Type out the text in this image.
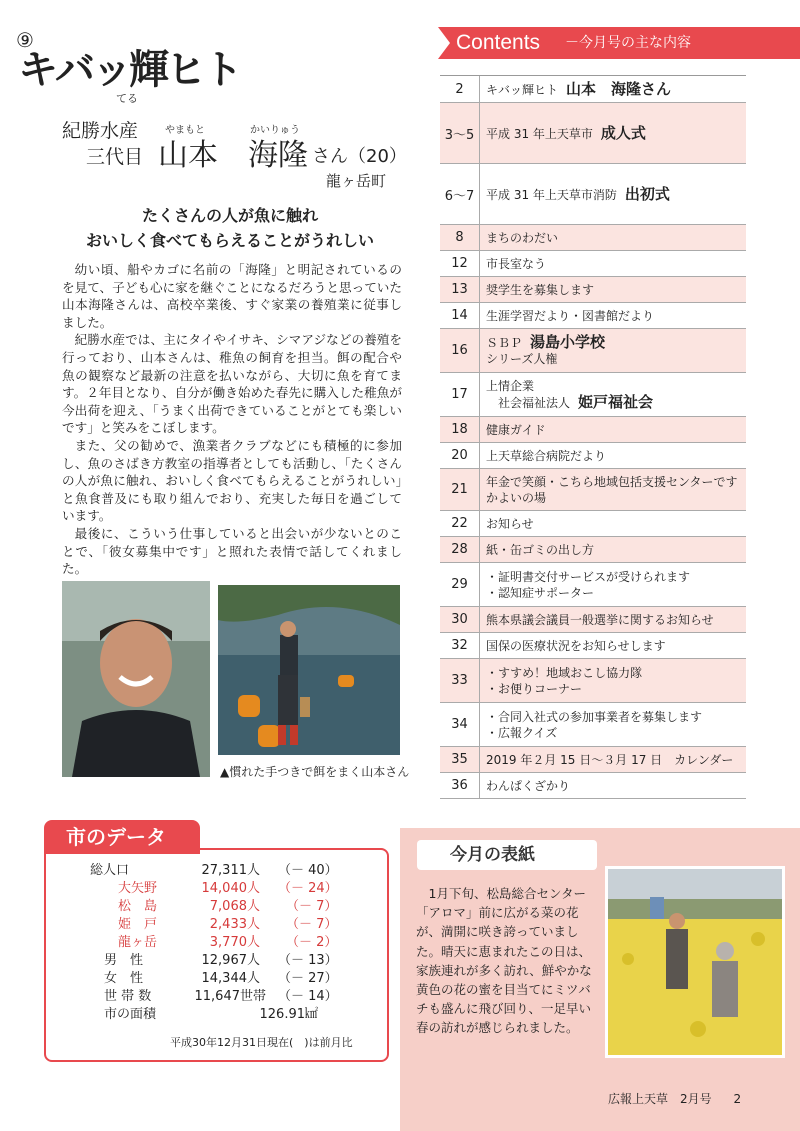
⑨
キバッ輝ヒト
てる
紀勝水産
三代目
やまもと
山本
かいりゅう
海隆 さん（20）
龍ヶ岳町
たくさんの人が魚に触れ
おいしく食べてもらえることがうれしい

幼い頃、船やカゴに名前の「海隆」と明記されているのを見て、子ども心に家を継ぐことになるだろうと思っていた山本海隆さんは、高校卒業後、すぐ家業の養殖業に従事しました。

紀勝水産では、主にタイやイサキ、シマアジなどの養殖を行っており、山本さんは、稚魚の飼育を担当。餌の配合や魚の観察など最新の注意を払いながら、大切に魚を育てます。２年目となり、自分が働き始めた春先に購入した稚魚が今出荷を迎え、「うまく出荷できていることがとても楽しいです」と笑みをこぼします。

また、父の勧めで、漁業者クラブなどにも積極的に参加し、魚のさばき方教室の指導者としても活動し、「たくさんの人が魚に触れ、おいしく食べてもらえることがうれしい」と魚食普及にも取り組んでおり、充実した毎日を過ごしています。

最後に、こういう仕事していると出会いが少ないとのことで、「彼女募集中です」と照れた表情で話してくれました。

▲慣れた手つきで餌をまく山本さん
Contents －今月号の主な内容
2	キバッ輝ヒト 山本　海隆さん
3～5 平成 31 年上天草市 成人式
6～7 平成 31 年上天草市消防 出初式
8	まちのわだい
12	市長室なう
13	奨学生を募集します
14	生涯学習だより・図書館だより
16	ＳＢＰ 湯島小学校
シリーズ人権
17
上情企業
社会福祉法人 姫戸福祉会
18	健康ガイド
20	上天草総合病院だより
21
年金で笑顔・こちら地域包括支援センターです
かよいの場
22	お知らせ
28	紙・缶ゴミの出し方
29
・証明書交付サービスが受けられます
・認知症サポーター
30	熊本県議会議員一般選挙に関するお知らせ
32	国保の医療状況をお知らせします
33
・すすめ！地域おこし協力隊
・お便りコーナー
34
・合同入社式の参加事業者を募集します
・広報クイズ
35	2019 年２月 15 日～３月 17 日　カレンダー
36	わんぱくざかり
市のデータ
総人口	27,311人 （－ 40）
大矢野	14,040人 （－ 24）
松　島	7,068人 （－ 7）
姫　戸	2,433人 （－ 7）
龍ヶ岳	3,770人 （－ 2）
男　性	12,967人 （－ 13）
女　性	14,344人 （－ 27）
世 帯 数	11,647世帯 （－ 14）
市の面積	126.91㎢
平成30年12月31日現在(　)は前月比
今月の表紙
1月下旬、松島総合センター「アロマ」前に広がる菜の花が、満開に咲き誇っていました。晴天に恵まれたこの日は、家族連れが多く訪れ、鮮やかな黄色の花の蜜を目当てにミツバチも盛んに飛び回り、一足早い春の訪れが感じられました。
広報上天草　2月号 2
